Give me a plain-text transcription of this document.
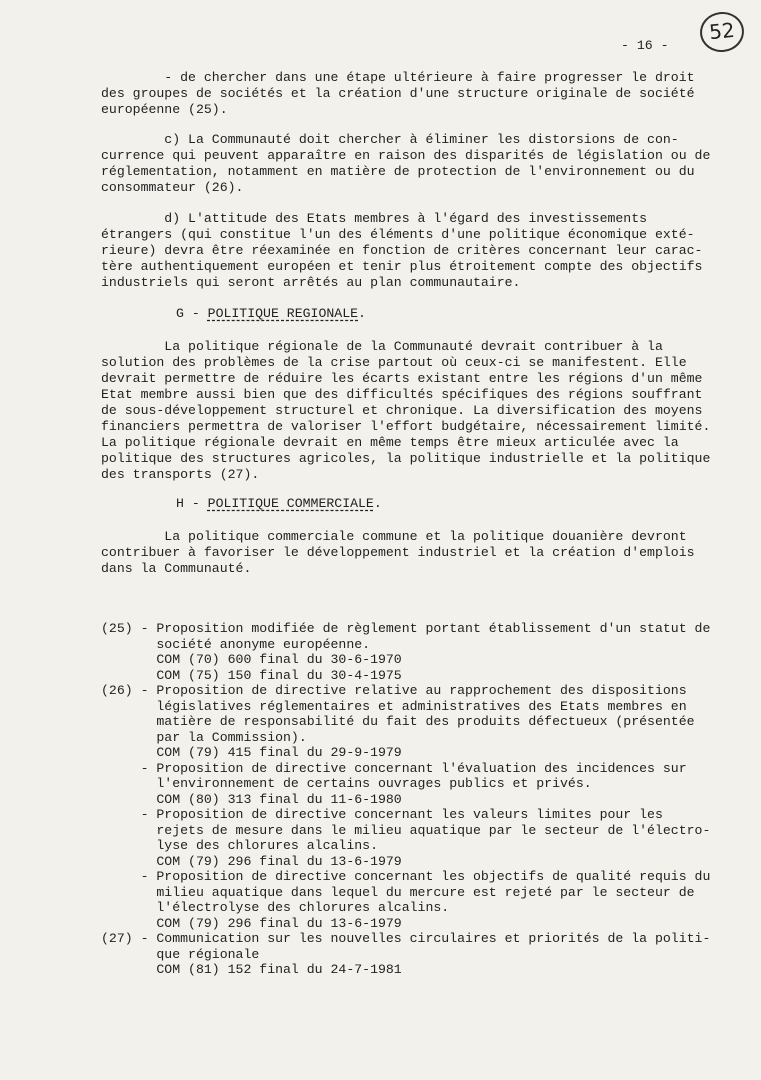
52
- 16 -
- de chercher dans une étape ultérieure à faire progresser le droit
des groupes de sociétés et la création d'une structure originale de société
européenne (25).
c) La Communauté doit chercher à éliminer les distorsions de con-
currence qui peuvent apparaître en raison des disparités de législation ou de
réglementation, notamment en matière de protection de l'environnement ou du
consommateur (26).
d) L'attitude des Etats membres à l'égard des investissements
étrangers (qui constitue l'un des éléments d'une politique économique exté-
rieure) devra être réexaminée en fonction de critères concernant leur carac-
tère authentiquement européen et tenir plus étroitement compte des objectifs
industriels qui seront arrêtés au plan communautaire.
G - POLITIQUE REGIONALE.
La politique régionale de la Communauté devrait contribuer à la
solution des problèmes de la crise partout où ceux-ci se manifestent. Elle
devrait permettre de réduire les écarts existant entre les régions d'un même
Etat membre aussi bien que des difficultés spécifiques des régions souffrant
de sous-développement structurel et chronique. La diversification des moyens
financiers permettra de valoriser l'effort budgétaire, nécessairement limité.
La politique régionale devrait en même temps être mieux articulée avec la
politique des structures agricoles, la politique industrielle et la politique
des transports (27).
H - POLITIQUE COMMERCIALE.
La politique commerciale commune et la politique douanière devront
contribuer à favoriser le développement industriel et la création d'emplois
dans la Communauté.
(25) - Proposition modifiée de règlement portant établissement d'un statut de
société anonyme européenne.
COM (70) 600 final du 30-6-1970
COM (75) 150 final du 30-4-1975
(26) - Proposition de directive relative au rapprochement des dispositions
législatives réglementaires et administratives des Etats membres en
matière de responsabilité du fait des produits défectueux (présentée
par la Commission).
COM (79) 415 final du 29-9-1979
- Proposition de directive concernant l'évaluation des incidences sur
l'environnement de certains ouvrages publics et privés.
COM (80) 313 final du 11-6-1980
- Proposition de directive concernant les valeurs limites pour les
rejets de mesure dans le milieu aquatique par le secteur de l'électro-
lyse des chlorures alcalins.
COM (79) 296 final du 13-6-1979
- Proposition de directive concernant les objectifs de qualité requis du
milieu aquatique dans lequel du mercure est rejeté par le secteur de
l'électrolyse des chlorures alcalins.
COM (79) 296 final du 13-6-1979
(27) - Communication sur les nouvelles circulaires et priorités de la politi-
que régionale
COM (81) 152 final du 24-7-1981
